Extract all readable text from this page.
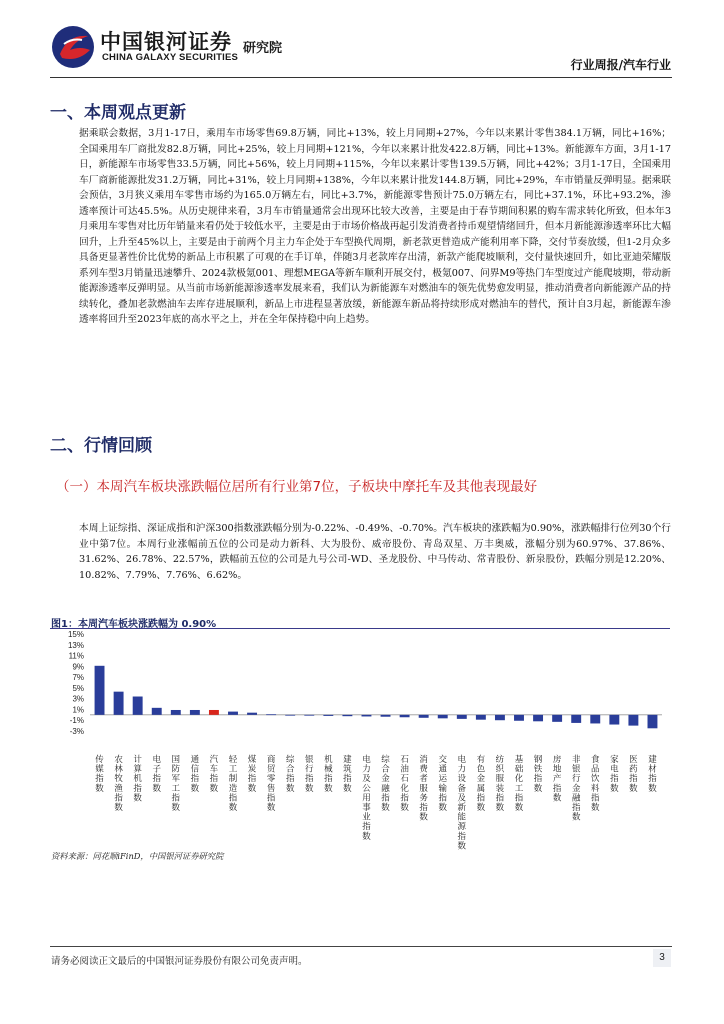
中国银河证券
CHINA GALAXY SECURITIES
研究院
行业周报/汽车行业
一、本周观点更新

据乘联会数据，3月1-17日，乘用车市场零售69.8万辆，同比+13%，较上月同期+27%，今年以来累计零售384.1万辆，同比+16%；全国乘用车厂商批发82.8万辆，同比+25%，较上月同期+121%，今年以来累计批发422.8万辆，同比+13%。新能源车方面，3月1-17日，新能源车市场零售33.5万辆，同比+56%，较上月同期+115%，今年以来累计零售139.5万辆，同比+42%；3月1-17日，全国乘用车厂商新能源批发31.2万辆，同比+31%，较上月同期+138%，今年以来累计批发144.8万辆，同比+29%，车市销量反弹明显。据乘联会预估，3月狭义乘用车零售市场约为165.0万辆左右，同比+3.7%，新能源零售预计75.0万辆左右，同比+37.1%，环比+93.2%，渗透率预计可达45.5%。从历史规律来看，3月车市销量通常会出现环比较大改善，主要是由于春节期间积累的购车需求转化所致，但本年3月乘用车零售对比历年销量来看仍处于较低水平，主要是由于市场价格战再起引发消费者持币观望情绪回升，但本月新能源渗透率环比大幅回升，上升至45%以上，主要是由于前两个月主力车企处于车型换代周期，新老款更替造成产能利用率下降，交付节奏放缓，但1-2月众多具备更显著性价比优势的新品上市积累了可观的在手订单，伴随3月老款库存出清，新款产能爬坡顺利，交付量快速回升，如比亚迪荣耀版系列车型3月销量迅速攀升、2024款极氪001、理想MEGA等新车顺利开展交付，极氪007、问界M9等热门车型度过产能爬坡期，带动新能源渗透率反弹明显。从当前市场新能源渗透率发展来看，我们认为新能源车对燃油车的领先优势愈发明显，推动消费者向新能源产品的持续转化，叠加老款燃油车去库存进展顺利，新品上市进程显著放缓，新能源车新品将持续形成对燃油车的替代，预计自3月起，新能源车渗透率将回升至2023年底的高水平之上，并在全年保持稳中向上趋势。

二、行情回顾
（一）本周汽车板块涨跌幅位居所有行业第7位，子板块中摩托车及其他表现最好

本周上证综指、深证成指和沪深300指数涨跌幅分别为-0.22%、-0.49%、-0.70%。汽车板块的涨跌幅为0.90%，涨跌幅排行位列30个行业中第7位。本周行业涨幅前五位的公司是动力新科、大为股份、威帝股份、青岛双星、万丰奥威，涨幅分别为60.97%、37.86%、31.62%、26.78%、22.57%，跌幅前五位的公司是九号公司-WD、圣龙股份、中马传动、常青股份、新泉股份，跌幅分别是12.20%、10.82%、7.79%、7.76%、6.62%。

图1：本周汽车板块涨跌幅为 0.90%
15%
13%
11%
9%
7%
5%
3%
1%
-1%
-3%
传媒指数
农林牧渔指数
计算机指数
电子指数
国防军工指数
通信指数
汽车指数
轻工制造指数
煤炭指数
商贸零售指数
综合指数
银行指数
机械指数
建筑指数
电力及公用事业指数
综合金融指数
石油石化指数
消费者服务指数
交通运输指数
电力设备及新能源指数
有色金属指数
纺织服装指数
基础化工指数
钢铁指数
房地产指数
非银行金融指数
食品饮料指数
家电指数
医药指数
建材指数
资料来源：同花顺iFinD，中国银河证券研究院
请务必阅读正文最后的中国银河证券股份有限公司免责声明。	3
